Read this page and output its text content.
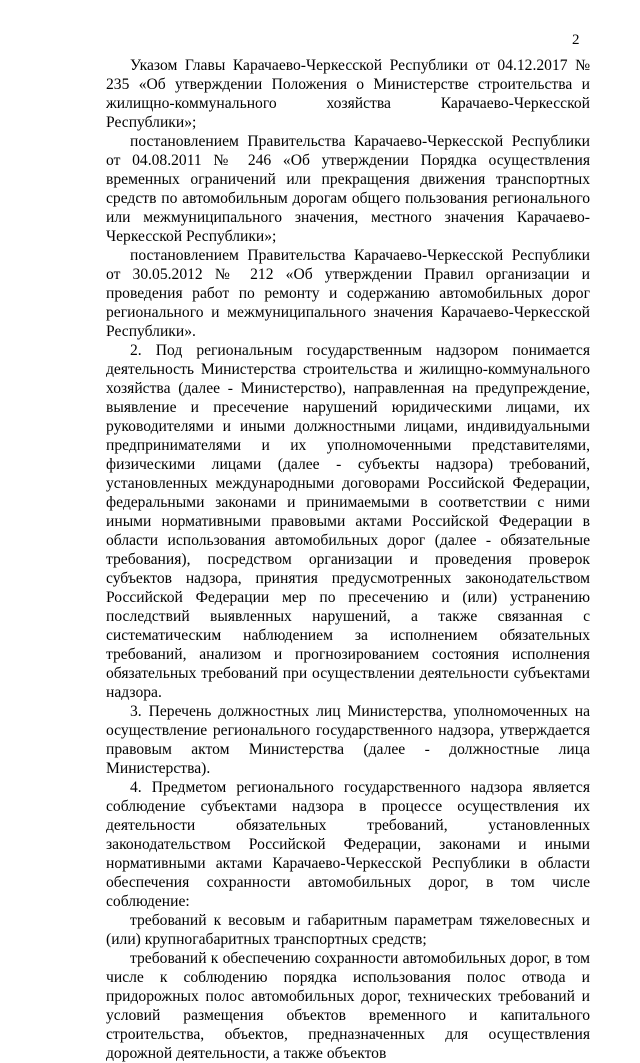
2

Указом Главы Карачаево-Черкесской Республики от 04.12.2017 № 235 «Об утверждении Положения о Министерстве строительства и жилищно-коммунального хозяйства Карачаево-Черкесской Республики»;

постановлением Правительства Карачаево-Черкесской Республики от 04.08.2011 № 246 «Об утверждении Порядка осуществления временных ограничений или прекращения движения транспортных средств по автомобильным дорогам общего пользования регионального или межмуниципального значения, местного значения Карачаево-Черкесской Республики»;

постановлением Правительства Карачаево-Черкесской Республики от 30.05.2012 № 212 «Об утверждении Правил организации и проведения работ по ремонту и содержанию автомобильных дорог регионального и межмуниципального значения Карачаево-Черкесской Республики».

2. Под региональным государственным надзором понимается деятельность Министерства строительства и жилищно-коммунального хозяйства (далее - Министерство), направленная на предупреждение, выявление и пресечение нарушений юридическими лицами, их руководителями и иными должностными лицами, индивидуальными предпринимателями и их уполномоченными представителями, физическими лицами (далее - субъекты надзора) требований, установленных международными договорами Российской Федерации, федеральными законами и принимаемыми в соответствии с ними иными нормативными правовыми актами Российской Федерации в области использования автомобильных дорог (далее - обязательные требования), посредством организации и проведения проверок субъектов надзора, принятия предусмотренных законодательством Российской Федерации мер по пресечению и (или) устранению последствий выявленных нарушений, а также связанная с систематическим наблюдением за исполнением обязательных требований, анализом и прогнозированием состояния исполнения обязательных требований при осуществлении деятельности субъектами надзора.

3. Перечень должностных лиц Министерства, уполномоченных на осуществление регионального государственного надзора, утверждается правовым актом Министерства (далее - должностные лица Министерства).

4. Предметом регионального государственного надзора является соблюдение субъектами надзора в процессе осуществления их деятельности обязательных требований, установленных законодательством Российской Федерации, законами и иными нормативными актами Карачаево-Черкесской Республики в области обеспечения сохранности автомобильных дорог, в том числе соблюдение:

требований к весовым и габаритным параметрам тяжеловесных и (или) крупногабаритных транспортных средств;

требований к обеспечению сохранности автомобильных дорог, в том числе к соблюдению порядка использования полос отвода и придорожных полос автомобильных дорог, технических требований и условий размещения объектов временного и капитального строительства, объектов, предназначенных для осуществления дорожной деятельности, а также объектов
